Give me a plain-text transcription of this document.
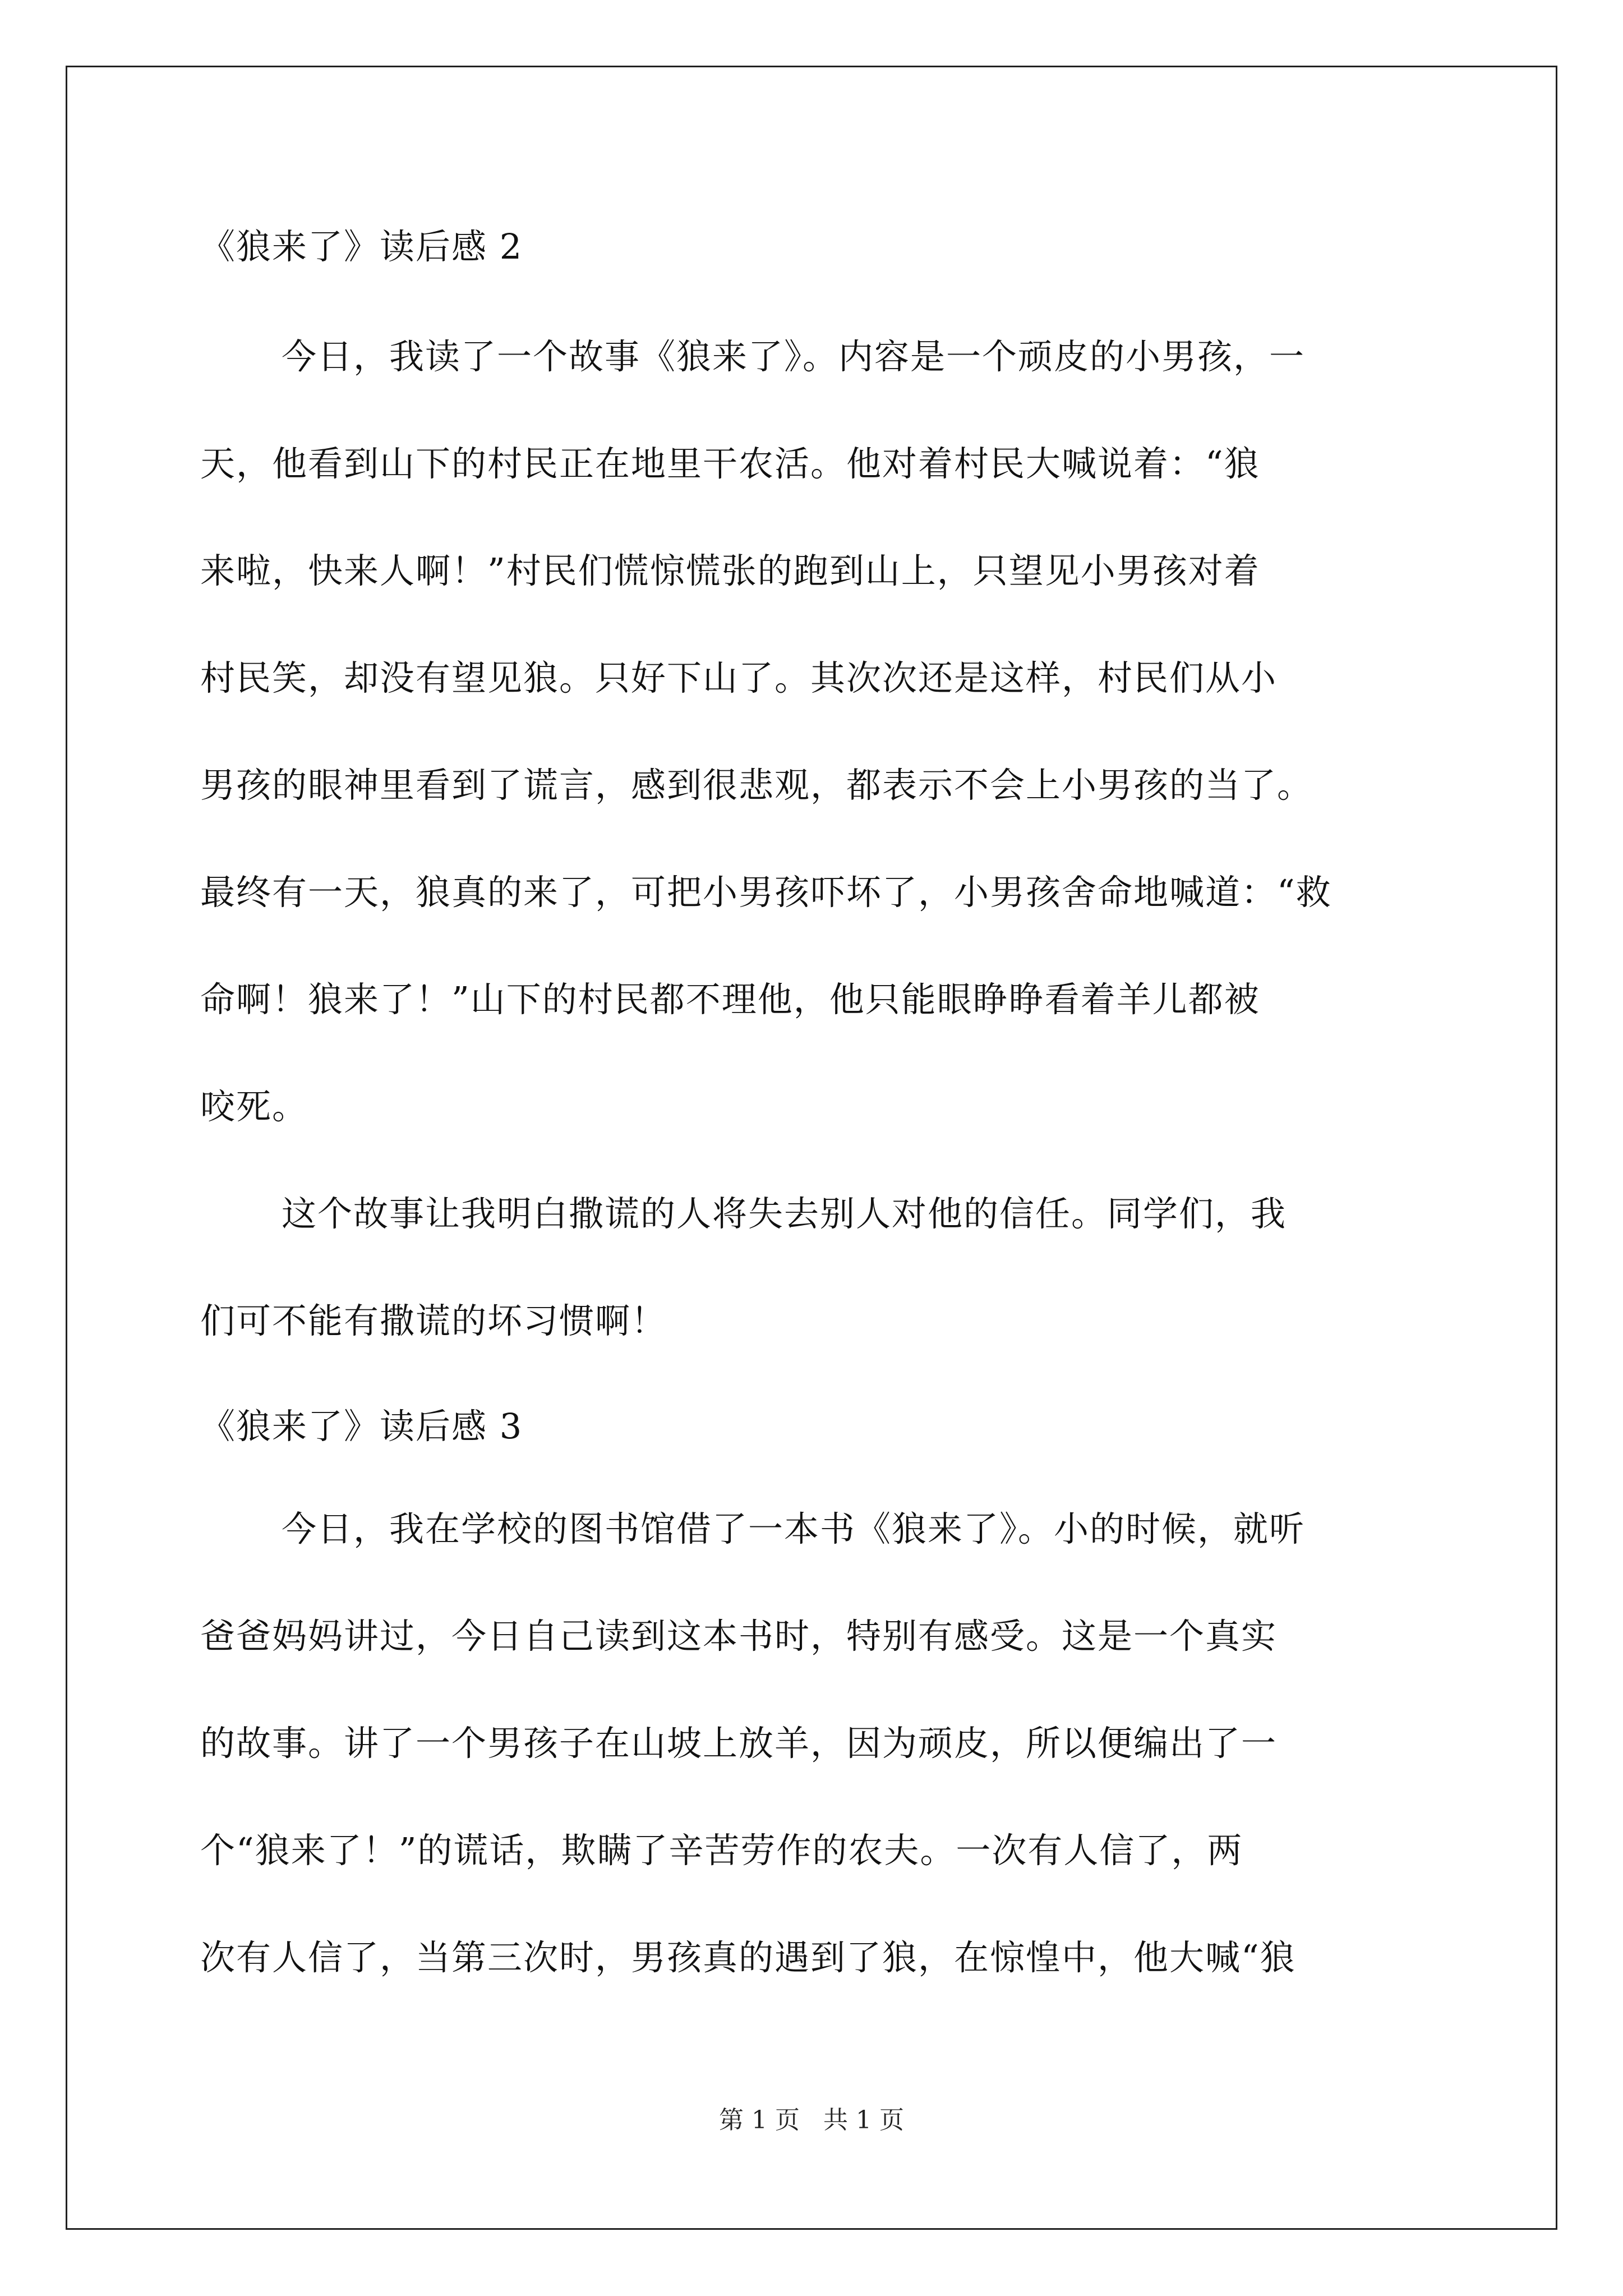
《狼来了》读后感 2
今日，我读了一个故事《狼来了》。内容是一个顽皮的小男孩，一
天，他看到山下的村民正在地里干农活。他对着村民大喊说着：“狼
来啦，快来人啊！”村民们慌惊慌张的跑到山上，只望见小男孩对着
村民笑，却没有望见狼。只好下山了。其次次还是这样，村民们从小
男孩的眼神里看到了谎言，感到很悲观，都表示不会上小男孩的当了。
最终有一天，狼真的来了，可把小男孩吓坏了，小男孩舍命地喊道：“救
命啊！狼来了！”山下的村民都不理他，他只能眼睁睁看着羊儿都被
咬死。
这个故事让我明白撒谎的人将失去别人对他的信任。同学们，我
们可不能有撒谎的坏习惯啊！
《狼来了》读后感 3
今日，我在学校的图书馆借了一本书《狼来了》。小的时候，就听
爸爸妈妈讲过，今日自己读到这本书时，特别有感受。这是一个真实
的故事。讲了一个男孩子在山坡上放羊，因为顽皮，所以便编出了一
个“狼来了！”的谎话，欺瞒了辛苦劳作的农夫。一次有人信了，两
次有人信了，当第三次时，男孩真的遇到了狼，在惊惶中，他大喊“狼
第 1 页   共 1 页
